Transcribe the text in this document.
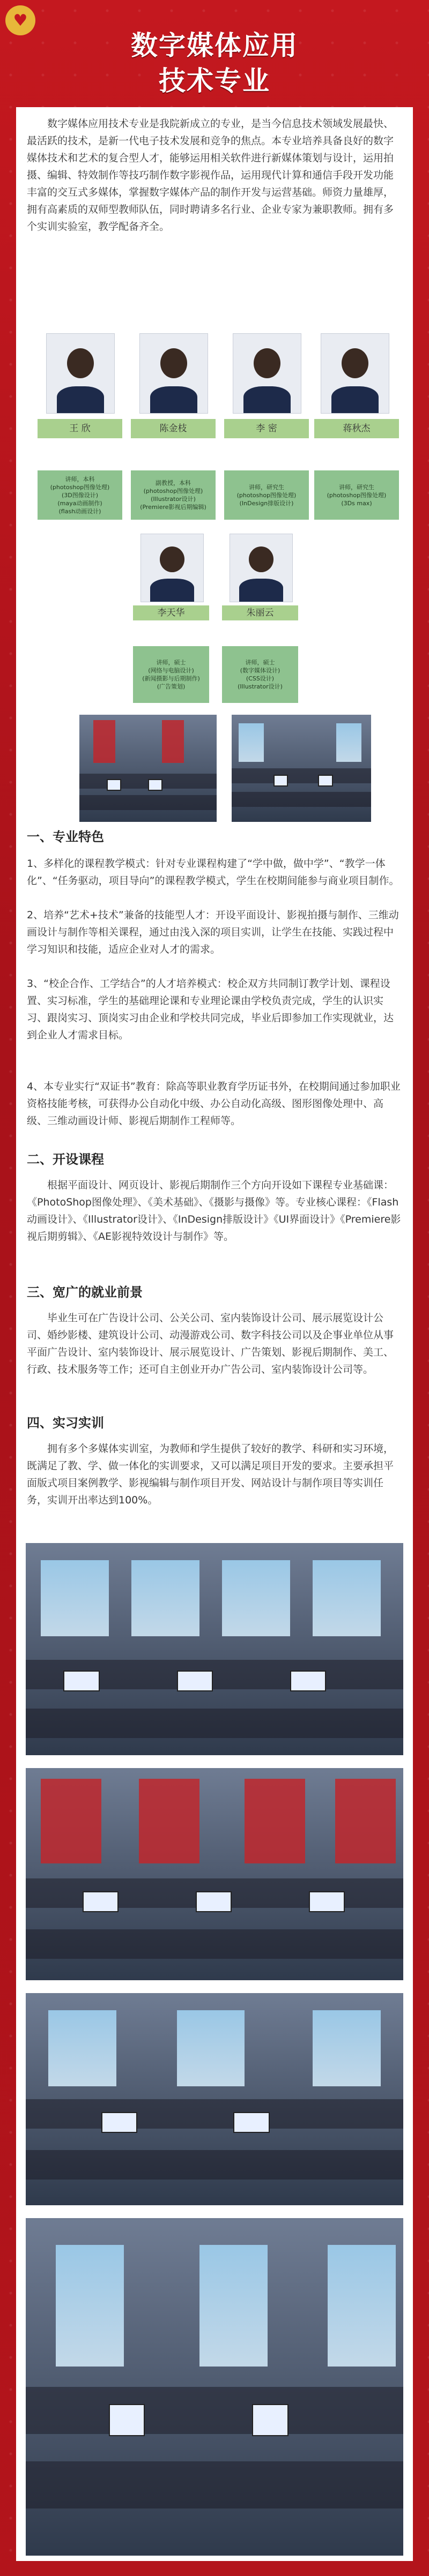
♥
数字媒体应用
技术专业

数字媒体应用技术专业是我院新成立的专业，是当今信息技术领域发展最快、最活跃的技术，是新一代电子技术发展和竞争的焦点。本专业培养具备良好的数字媒体技术和艺术的复合型人才，能够运用相关软件进行新媒体策划与设计，运用拍摄、编辑、特效制作等技巧制作数字影视作品，运用现代计算和通信手段开发功能丰富的交互式多媒体，掌握数字媒体产品的制作开发与运营基础。师资力量雄厚，拥有高素质的双师型教师队伍，同时聘请多名行业、企业专家为兼职教师。拥有多个实训实验室，教学配备齐全。

王 欣	陈金枝	李 密	蒋秋杰
讲师，本科
(photoshop图像处理)
(3D图像设计)
(maya动画制作)
(flash动画设计)
副教授，本科
(photoshop图像处理)
(Illustrator设计)
(Premiere影视后期编辑)
讲师，研究生
(photoshop图像处理)
(InDesign排版设计)
讲师，研究生
(photoshop图像处理)
(3Ds max)
李天华	朱丽云
讲师，硕士
(网络与电脑设计)
(新闻摄影与后期制作)
(广告策划)
讲师，硕士
(数字媒体设计)
(CSS设计)
(Illustrator设计)
一、专业特色

1、多样化的课程教学模式：针对专业课程构建了“学中做，做中学”、“教学一体化”、“任务驱动，项目导向”的课程教学模式，学生在校期间能参与商业项目制作。

2、培养“艺术+技术”兼备的技能型人才：开设平面设计、影视拍摄与制作、三维动画设计与制作等相关课程，通过由浅入深的项目实训，让学生在技能、实践过程中学习知识和技能，适应企业对人才的需求。

3、“校企合作、工学结合”的人才培养模式：校企双方共同制订教学计划、课程设置、实习标准，学生的基础理论课和专业理论课由学校负责完成，学生的认识实习、跟岗实习、顶岗实习由企业和学校共同完成，毕业后即参加工作实现就业，达到企业人才需求目标。

4、本专业实行“双证书”教育：除高等职业教育学历证书外，在校期间通过参加职业资格技能考核，可获得办公自动化中级、办公自动化高级、图形图像处理中、高级、三维动画设计师、影视后期制作工程师等。

二、开设课程

根据平面设计、网页设计、影视后期制作三个方向开设如下课程专业基础课：《PhotoShop图像处理》、《美术基础》、《摄影与摄像》等。专业核心课程：《Flash动画设计》、《Illustrator设计》、《InDesign排版设计》《UI界面设计》《Premiere影视后期剪辑》、《AE影视特效设计与制作》等。

三、宽广的就业前景

毕业生可在广告设计公司、公关公司、室内装饰设计公司、展示展览设计公司、婚纱影楼、建筑设计公司、动漫游戏公司、数字科技公司以及企事业单位从事平面广告设计、室内装饰设计、展示展览设计、广告策划、影视后期制作、美工、行政、技术服务等工作；还可自主创业开办广告公司、室内装饰设计公司等。

四、实习实训

拥有多个多媒体实训室，为教师和学生提供了较好的教学、科研和实习环境，既满足了教、学、做一体化的实训要求，又可以满足项目开发的要求。主要承担平面版式项目案例教学、影视编辑与制作项目开发、网站设计与制作项目等实训任务，实训开出率达到100%。
